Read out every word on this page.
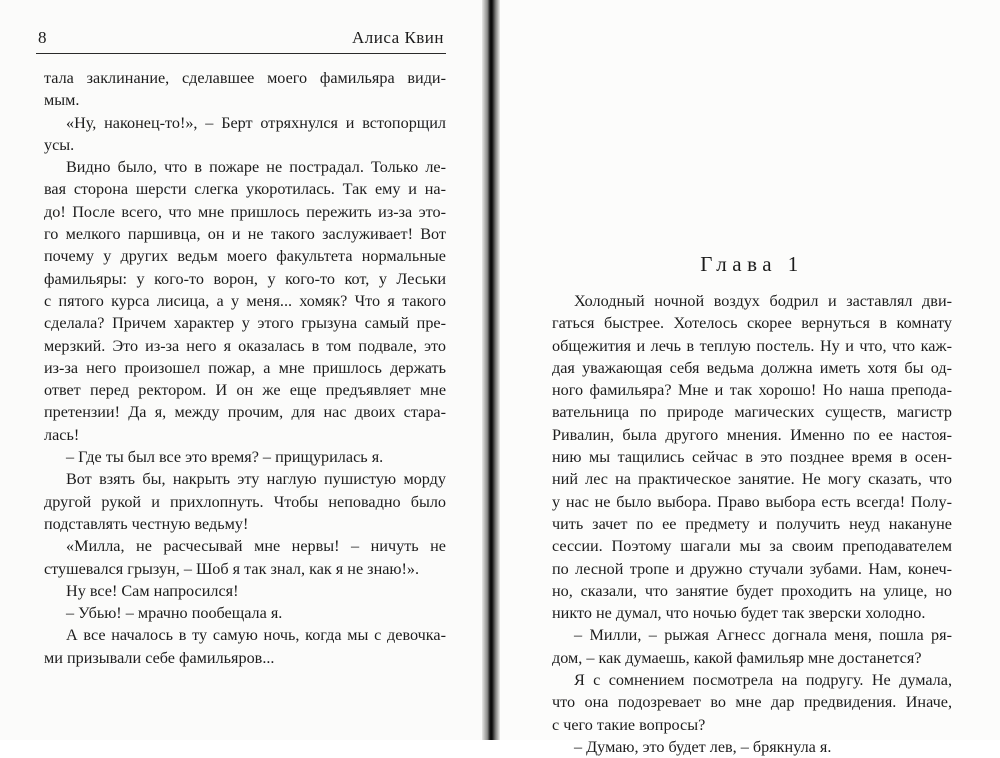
8	Алиса Квин
тала заклинание, сделавшее моего фамильяра види-
мым.
«Ну, наконец-то!», – Берт отряхнулся и встопорщил
усы.
Видно было, что в пожаре не пострадал. Только ле-
вая сторона шерсти слегка укоротилась. Так ему и на-
до! После всего, что мне пришлось пережить из-за это-
го мелкого паршивца, он и не такого заслуживает! Вот
почему у других ведьм моего факультета нормальные
фамильяры: у кого-то ворон, у кого-то кот, у Леськи
с пятого курса лисица, а у меня... хомяк? Что я такого
сделала? Причем характер у этого грызуна самый пре-
мерзкий. Это из-за него я оказалась в том подвале, это
из-за него произошел пожар, а мне пришлось держать
ответ перед ректором. И он же еще предъявляет мне
претензии! Да я, между прочим, для нас двоих стара-
лась!
– Где ты был все это время? – прищурилась я.
Вот взять бы, накрыть эту наглую пушистую морду
другой рукой и прихлопнуть. Чтобы неповадно было
подставлять честную ведьму!
«Милла, не расчесывай мне нервы! – ничуть не
стушевался грызун, – Шоб я так знал, как я не знаю!».
Ну все! Сам напросился!
– Убью! – мрачно пообещала я.
А все началось в ту самую ночь, когда мы с девочка-
ми призывали себе фамильяров...
Глава 1
Холодный ночной воздух бодрил и заставлял дви-
гаться быстрее. Хотелось скорее вернуться в комнату
общежития и лечь в теплую постель. Ну и что, что каж-
дая уважающая себя ведьма должна иметь хотя бы од-
ного фамильяра? Мне и так хорошо! Но наша препода-
вательница по природе магических существ, магистр
Ривалин, была другого мнения. Именно по ее настоя-
нию мы тащились сейчас в это позднее время в осен-
ний лес на практическое занятие. Не могу сказать, что
у нас не было выбора. Право выбора есть всегда! Полу-
чить зачет по ее предмету и получить неуд накануне
сессии. Поэтому шагали мы за своим преподавателем
по лесной тропе и дружно стучали зубами. Нам, конеч-
но, сказали, что занятие будет проходить на улице, но
никто не думал, что ночью будет так зверски холодно.
– Милли, – рыжая Агнесс догнала меня, пошла ря-
дом, – как думаешь, какой фамильяр мне достанется?
Я с сомнением посмотрела на подругу. Не думала,
что она подозревает во мне дар предвидения. Иначе,
с чего такие вопросы?
– Думаю, это будет лев, – брякнула я.
